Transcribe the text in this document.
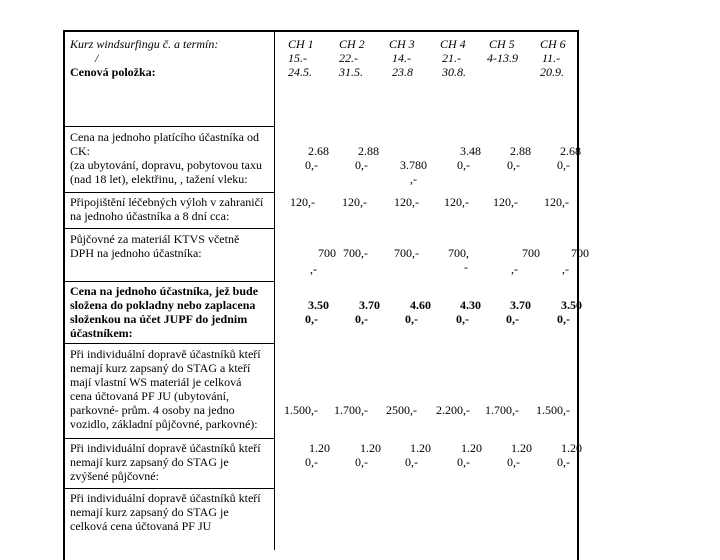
Kurz windsurfingu č. a termín:
/
Cenová položka:
CH 1
15.-
24.5.
CH 2
22.-
31.5.
CH 3
14.-
23.8
CH 4
21.-
30.8.
CH 5
4-13.9
CH 6
11.-
20.9.
Cena na jednoho platícího účastníka od
CK:
(za ubytování, dopravu, pobytovou taxu
(nad 18 let), elektřinu, , tažení vleku:
2.68
0,-
2.88
0,-	3.780
,-
3.48
0,-
2.88
0,-
2.68
0,-
Připojištění léčebných výloh v zahraničí
na jednoho účastníka a 8 dní cca:
120,- 120,- 120,- 120,- 120,- 120,-
Půjčovné za materiál KTVS včetně
DPH na jednoho účastníka:	700
,-
700,- 700,- 700,
-
700
,-
700
,-
Cena na jednoho účastníka, jež bude
složena do pokladny nebo zaplacena
složenkou na účet JUPF do jednim
účastníkem:
3.50
0,-
3.70
0,-
4.60
0,-
4.30
0,-
3.70
0,-
3.50
0,-
Při individuální dopravě účastníků kteří
nemají kurz zapsaný do STAG a kteří
mají vlastní WS materiál je celková
cena účtovaná PF JU (ubytování,
parkovné- prům. 4 osoby na jedno
vozidlo, základní půjčovné, parkovné):
1.500,- 1.700,- 2500,- 2.200,- 1.700,- 1.500,-
Při individuální dopravě účastníků kteří
nemají kurz zapsaný do STAG je
zvýšené půjčovné:
1.20
0,-
1.20
0,-
1.20
0,-
1.20
0,-
1.20
0,-
1.20
0,-
Při individuální dopravě účastníků kteří
nemají kurz zapsaný do STAG je
celková cena účtovaná PF JU
